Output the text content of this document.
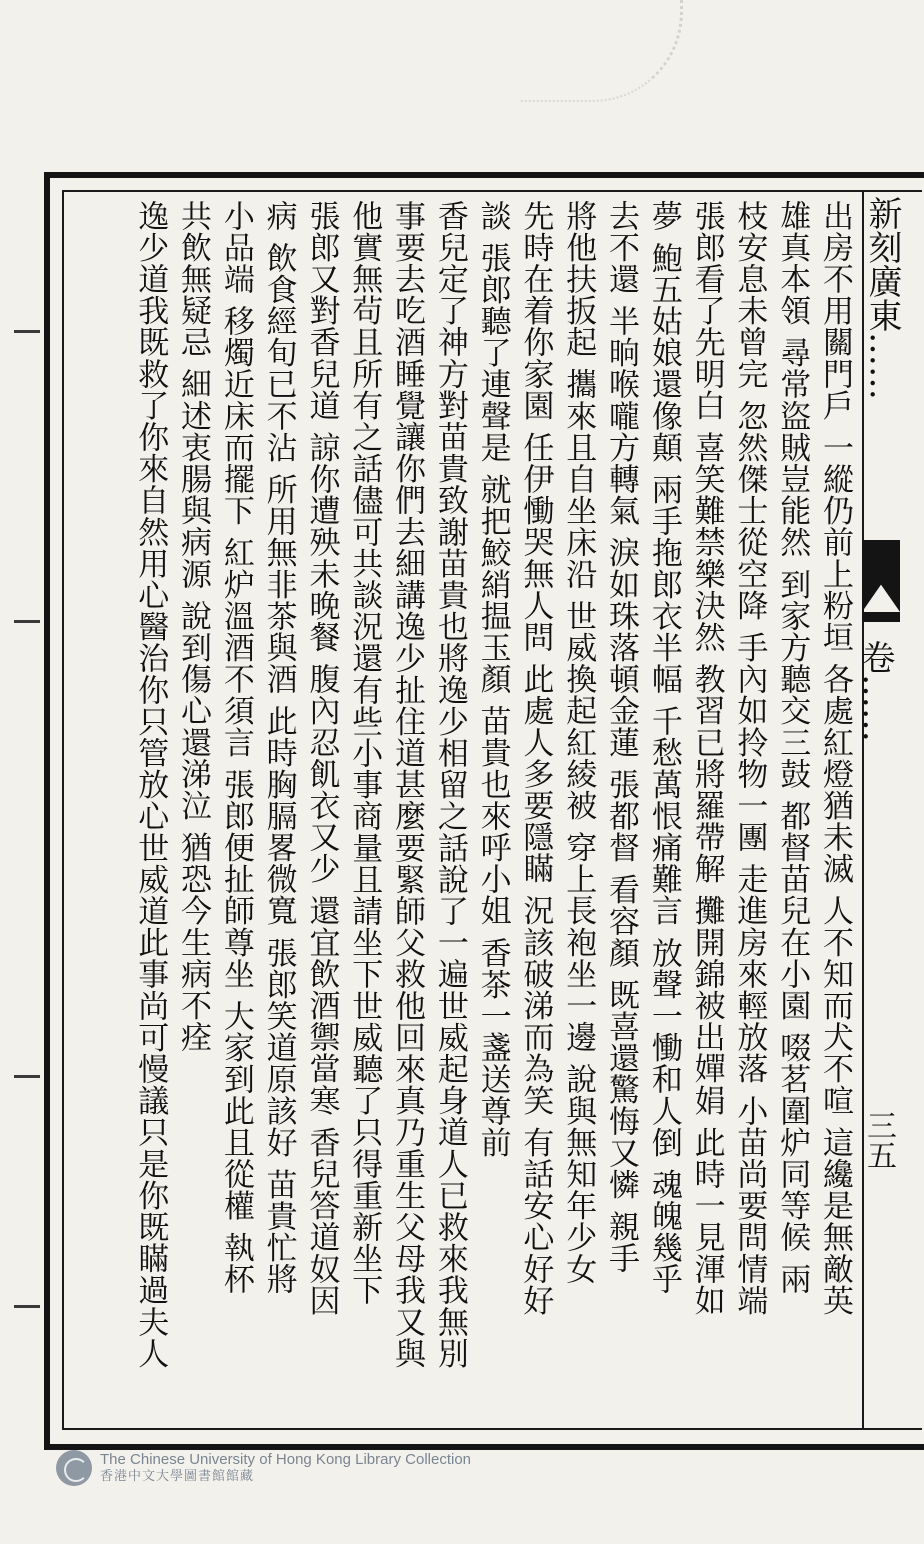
新刻廣東……
卷……
三五
出房不用關門戶 一縱仍前上粉垣 各處紅燈猶未滅 人不知而犬不喧 這纔是無敵英
雄真本領 尋常盜賊豈能然 到家方聽交三鼓 都督苗兒在小園 啜茗圍炉同等候 兩
枝安息未曾完 忽然傑士從空降 手內如拎物一團 走進房來輕放落 小苗尚要問情端
張郎看了先明白 喜笑難禁樂決然 教習已將羅帶解 攤開錦被出嬋娟 此時一見渾如
夢 鮑五姑娘還像顛 兩手拖郎衣半幅 千愁萬恨痛難言 放聲一慟和人倒 魂魄幾乎
去不還 半晌喉嚨方轉氣 淚如珠落頓金蓮 張都督 看容顏 既喜還驚悔又憐 親手
將他扶扳起 攜來且自坐床沿 世威換起紅綾被 穿上長袍坐一邊 說與無知年少女
先時在着你家園 任伊慟哭無人問 此處人多要隱瞞 況該破涕而為笑 有話安心好好
談 張郎聽了連聲是 就把鮫綃揾玉顏 苗貴也來呼小姐 香茶一盞送尊前
香兒定了神方對苗貴致謝苗貴也將逸少相留之話說了一遍世威起身道人已救來我無別
事要去吃酒睡覺讓你們去細講逸少扯住道甚麼要緊師父救他回來真乃重生父母我又與
他實無茍且所有之話儘可共談況還有些小事商量且請坐下世威聽了只得重新坐下
張郎又對香兒道 諒你遭殃未晚餐 腹內忍飢衣又少 還宜飲酒禦當寒 香兒答道奴因
病 飲食經旬已不沾 所用無非茶與酒 此時胸膈畧微寬 張郎笑道原該好 苗貴忙將
小品端 移燭近床而擺下 紅炉溫酒不須言 張郎便扯師尊坐 大家到此且從權 執杯
共飲無疑忌 細述衷腸與病源 說到傷心還涕泣 猶恐今生病不痊
逸少道我既救了你來自然用心醫治你只管放心世威道此事尚可慢議只是你既瞞過夫人
The Chinese University of Hong Kong Library Collection
香港中文大學圖書館館藏
